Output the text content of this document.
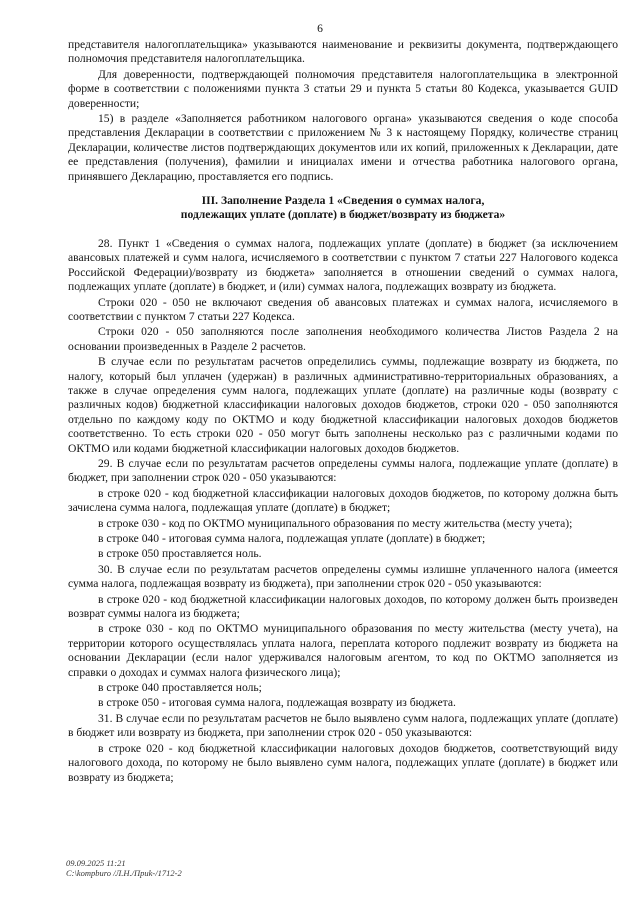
6

представителя налогоплательщика» указываются наименование и реквизиты документа, подтверждающего полномочия представителя налогоплательщика.

Для доверенности, подтверждающей полномочия представителя налогоплательщика в электронной форме в соответствии с положениями пункта 3 статьи 29 и пункта 5 статьи 80 Кодекса, указывается GUID доверенности;

15) в разделе «Заполняется работником налогового органа» указываются сведения о коде способа представления Декларации в соответствии с приложением № 3 к настоящему Порядку, количестве страниц Декларации, количестве листов подтверждающих документов или их копий, приложенных к Декларации, дате ее представления (получения), фамилии и инициалах имени и отчества работника налогового органа, принявшего Декларацию, проставляется его подпись.

III. Заполнение Раздела 1 «Сведения о суммах налога,
подлежащих уплате (доплате) в бюджет/возврату из бюджета»

28. Пункт 1 «Сведения о суммах налога, подлежащих уплате (доплате) в бюджет (за исключением авансовых платежей и сумм налога, исчисляемого в соответствии с пунктом 7 статьи 227 Налогового кодекса Российской Федерации)/возврату из бюджета» заполняется в отношении сведений о суммах налога, подлежащих уплате (доплате) в бюджет, и (или) суммах налога, подлежащих возврату из бюджета.

Строки 020 - 050 не включают сведения об авансовых платежах и суммах налога, исчисляемого в соответствии с пунктом 7 статьи 227 Кодекса.

Строки 020 - 050 заполняются после заполнения необходимого количества Листов Раздела 2 на основании произведенных в Разделе 2 расчетов.

В случае если по результатам расчетов определились суммы, подлежащие возврату из бюджета, по налогу, который был уплачен (удержан) в различных административно-территориальных образованиях, а также в случае определения сумм налога, подлежащих уплате (доплате) на различные коды (возврату с различных кодов) бюджетной классификации налоговых доходов бюджетов, строки 020 - 050 заполняются отдельно по каждому коду по ОКТМО и коду бюджетной классификации налоговых доходов бюджетов соответственно. То есть строки 020 - 050 могут быть заполнены несколько раз с различными кодами по ОКТМО или кодами бюджетной классификации налоговых доходов бюджетов.

29. В случае если по результатам расчетов определены суммы налога, подлежащие уплате (доплате) в бюджет, при заполнении строк 020 - 050 указываются:

в строке 020 - код бюджетной классификации налоговых доходов бюджетов, по которому должна быть зачислена сумма налога, подлежащая уплате (доплате) в бюджет;

в строке 030 - код по ОКТМО муниципального образования по месту жительства (месту учета);

в строке 040 - итоговая сумма налога, подлежащая уплате (доплате) в бюджет;

в строке 050 проставляется ноль.

30. В случае если по результатам расчетов определены суммы излишне уплаченного налога (имеется сумма налога, подлежащая возврату из бюджета), при заполнении строк 020 - 050 указываются:

в строке 020 - код бюджетной классификации налоговых доходов, по которому должен быть произведен возврат суммы налога из бюджета;

в строке 030 - код по ОКТМО муниципального образования по месту жительства (месту учета), на территории которого осуществлялась уплата налога, переплата которого подлежит возврату из бюджета на основании Декларации (если налог удерживался налоговым агентом, то код по ОКТМО заполняется из справки о доходах и суммах налога физического лица);

в строке 040 проставляется ноль;

в строке 050 - итоговая сумма налога, подлежащая возврату из бюджета.

31. В случае если по результатам расчетов не было выявлено сумм налога, подлежащих уплате (доплате) в бюджет или возврату из бюджета, при заполнении строк 020 - 050 указываются:

в строке 020 - код бюджетной классификации налоговых доходов бюджетов, соответствующий виду налогового дохода, по которому не было выявлено сумм налога, подлежащих уплате (доплате) в бюджет или возврату из бюджета;

09.09.2025 11:21
C:\kompburo /Л.Н./Приk-/1712-2
